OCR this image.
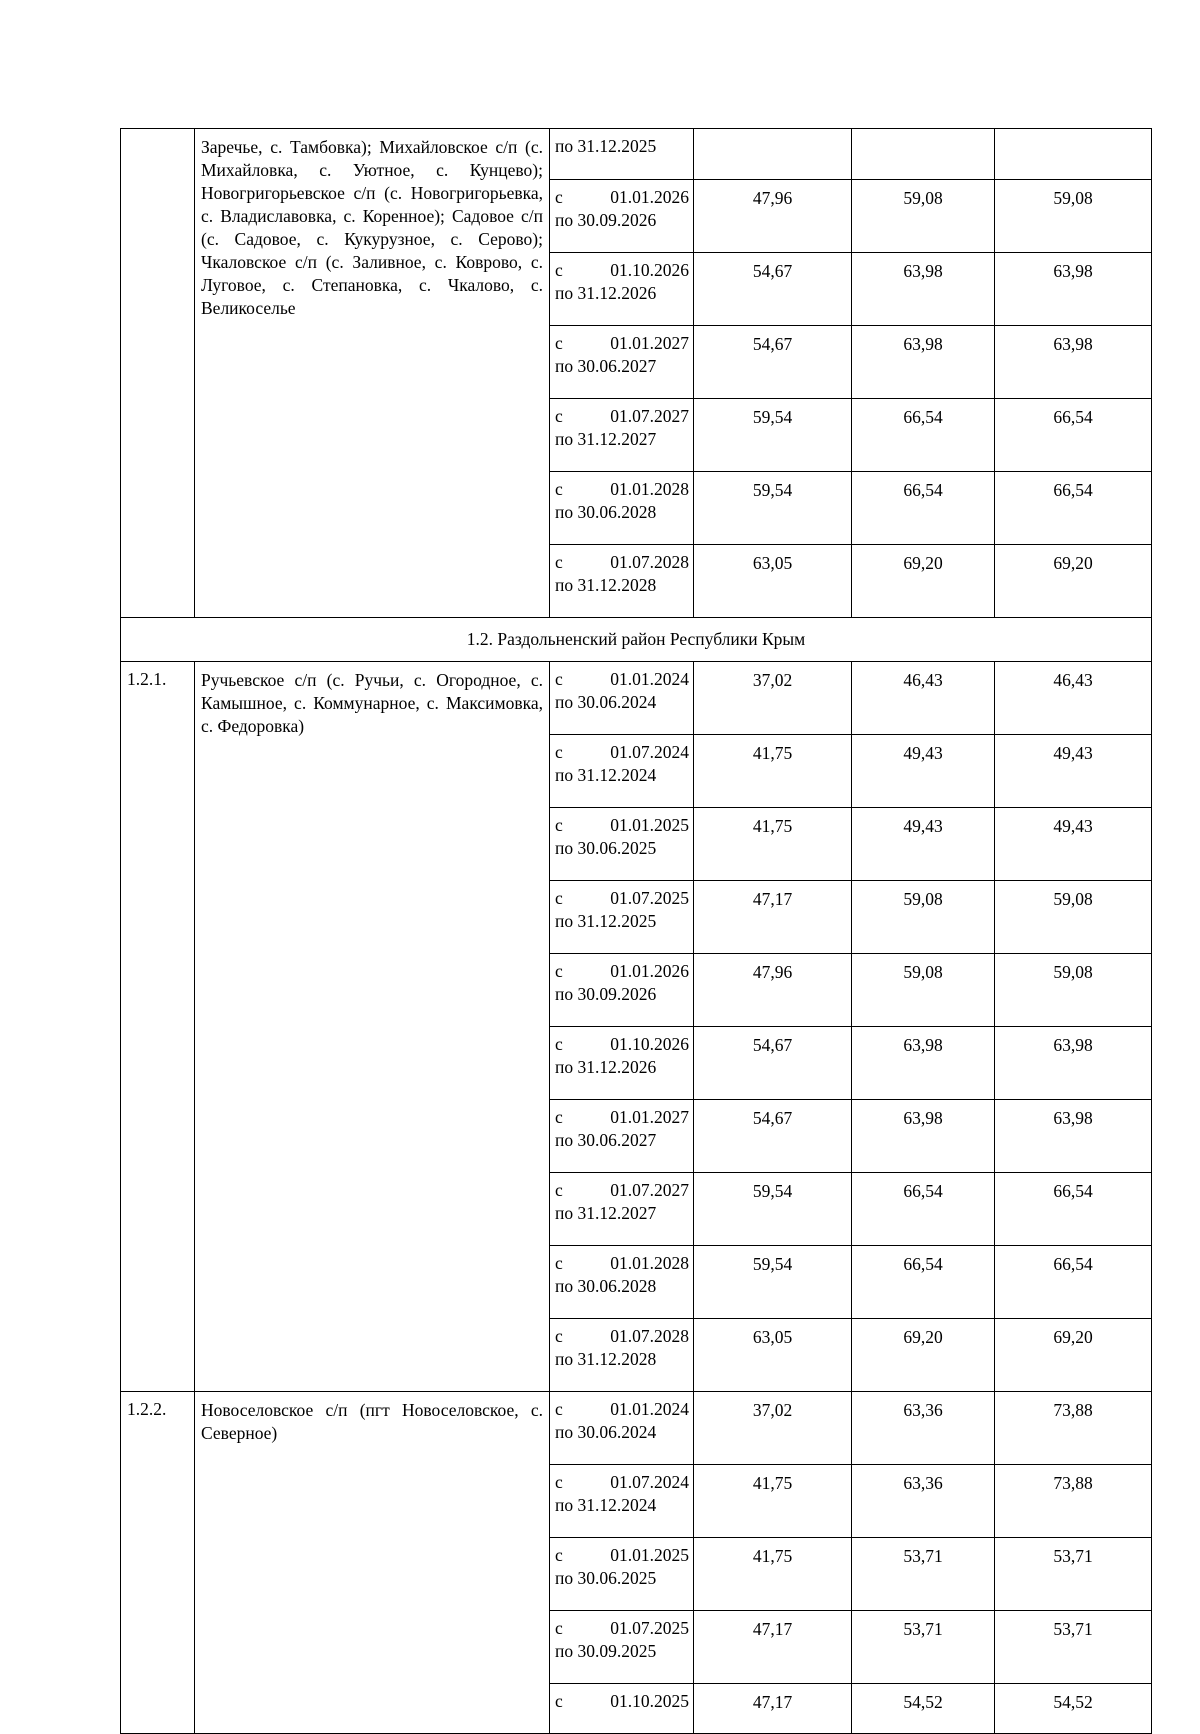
	Заречье, с. Тамбовка); Михайловское с/п (с. Михайловка, с. Уютное, с. Кунцево); Новогригорьевское с/п (с. Новогригорьевка, с. Владиславовка, с. Коренное); Садовое с/п (с. Садовое, с. Кукурузное, с. Серово); Чкаловское с/п (с. Заливное, с. Коврово, с. Луговое, с. Степановка, с. Чкалово, с. Великоселье	по 31.12.2025			

		с 01.01.2026
по 30.09.2026	47,96	59,08	59,08

		с 01.10.2026
по 31.12.2026	54,67	63,98	63,98

		с 01.01.2027
по 30.06.2027	54,67	63,98	63,98

		с 01.07.2027
по 31.12.2027	59,54	66,54	66,54

		с 01.01.2028
по 30.06.2028	59,54	66,54	66,54

		с 01.07.2028
по 31.12.2028	63,05	69,20	69,20
1.2. Раздольненский район Республики Крым					
1.2.1.	Ручьевское с/п (с. Ручьи, с. Огородное, с. Камышное, с. Коммунарное, с. Максимовка, с. Федоровка)	с 01.01.2024
по 30.06.2024	37,02	46,43	46,43

		с 01.07.2024
по 31.12.2024	41,75	49,43	49,43

		с 01.01.2025
по 30.06.2025	41,75	49,43	49,43

		с 01.07.2025
по 31.12.2025	47,17	59,08	59,08

		с 01.01.2026
по 30.09.2026	47,96	59,08	59,08

		с 01.10.2026
по 31.12.2026	54,67	63,98	63,98

		с 01.01.2027
по 30.06.2027	54,67	63,98	63,98

		с 01.07.2027
по 31.12.2027	59,54	66,54	66,54

		с 01.01.2028
по 30.06.2028	59,54	66,54	66,54

		с 01.07.2028
по 31.12.2028	63,05	69,20	69,20
1.2.2.	Новоселовское с/п (пгт Новоселовское, с. Северное)	с 01.01.2024
по 30.06.2024	37,02	63,36	73,88

		с 01.07.2024
по 31.12.2024	41,75	63,36	73,88

		с 01.01.2025
по 30.06.2025	41,75	53,71	53,71

		с 01.07.2025
по 30.09.2025	47,17	53,71	53,71

		с 01.10.2025	47,17	54,52	54,52
